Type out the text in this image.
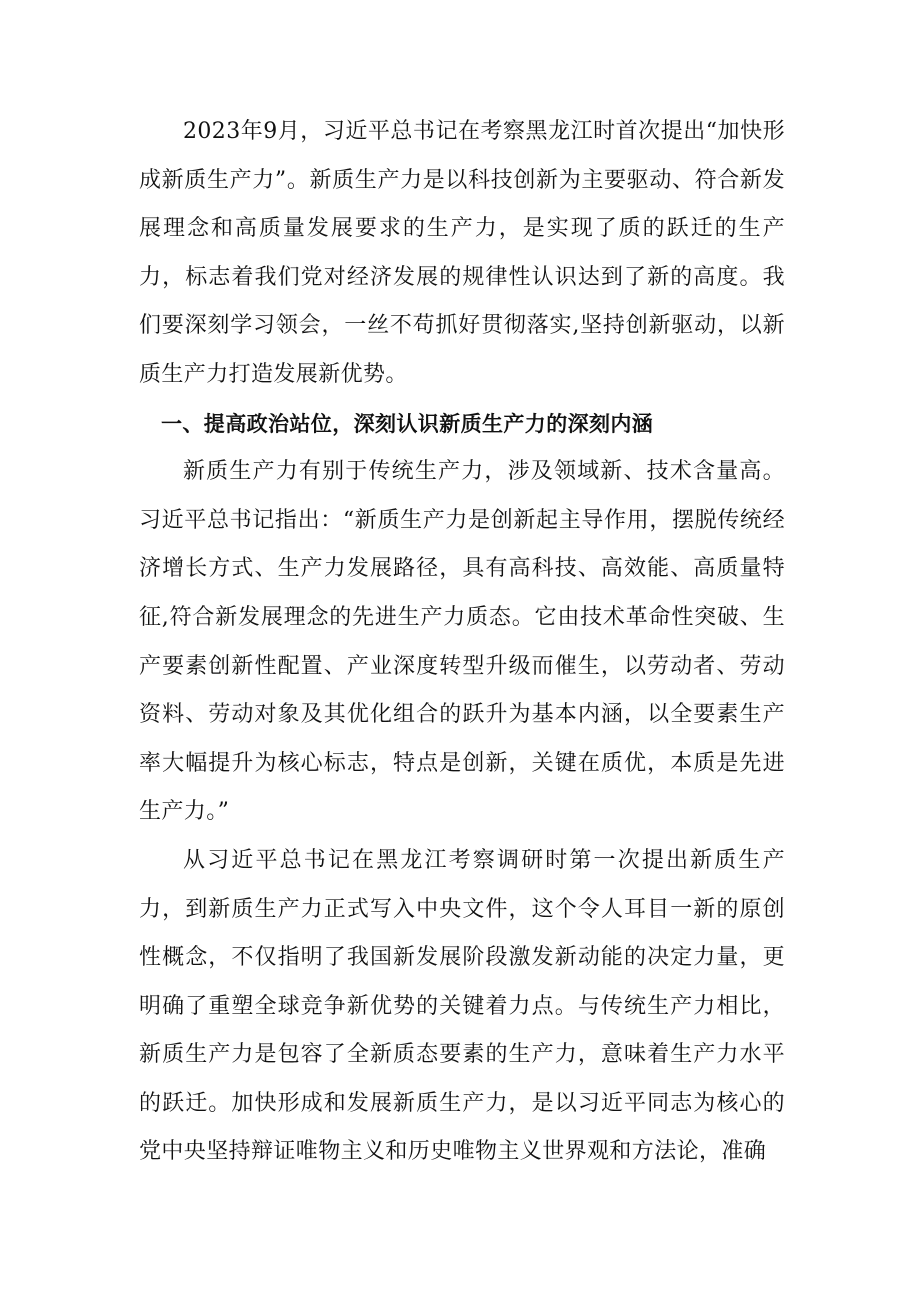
2023年9月，习近平总书记在考察黑龙江时首次提出“加快形成新质生产力”。新质生产力是以科技创新为主要驱动、符合新发展理念和高质量发展要求的生产力，是实现了质的跃迁的生产力，标志着我们党对经济发展的规律性认识达到了新的高度。我们要深刻学习领会，一丝不苟抓好贯彻落实,坚持创新驱动，以新质生产力打造发展新优势。

一、提高政治站位，深刻认识新质生产力的深刻内涵

新质生产力有别于传统生产力，涉及领域新、技术含量高。习近平总书记指出：“新质生产力是创新起主导作用，摆脱传统经济增长方式、生产力发展路径，具有高科技、高效能、高质量特征,符合新发展理念的先进生产力质态。它由技术革命性突破、生产要素创新性配置、产业深度转型升级而催生，以劳动者、劳动资料、劳动对象及其优化组合的跃升为基本内涵，以全要素生产率大幅提升为核心标志，特点是创新，关键在质优，本质是先进生产力。”

从习近平总书记在黑龙江考察调研时第一次提出新质生产力，到新质生产力正式写入中央文件，这个令人耳目一新的原创性概念，不仅指明了我国新发展阶段激发新动能的决定力量，更明确了重塑全球竞争新优势的关键着力点。与传统生产力相比，新质生产力是包容了全新质态要素的生产力，意味着生产力水平的跃迁。加快形成和发展新质生产力，是以习近平同志为核心的党中央坚持辩证唯物主义和历史唯物主义世界观和方法论，准确
